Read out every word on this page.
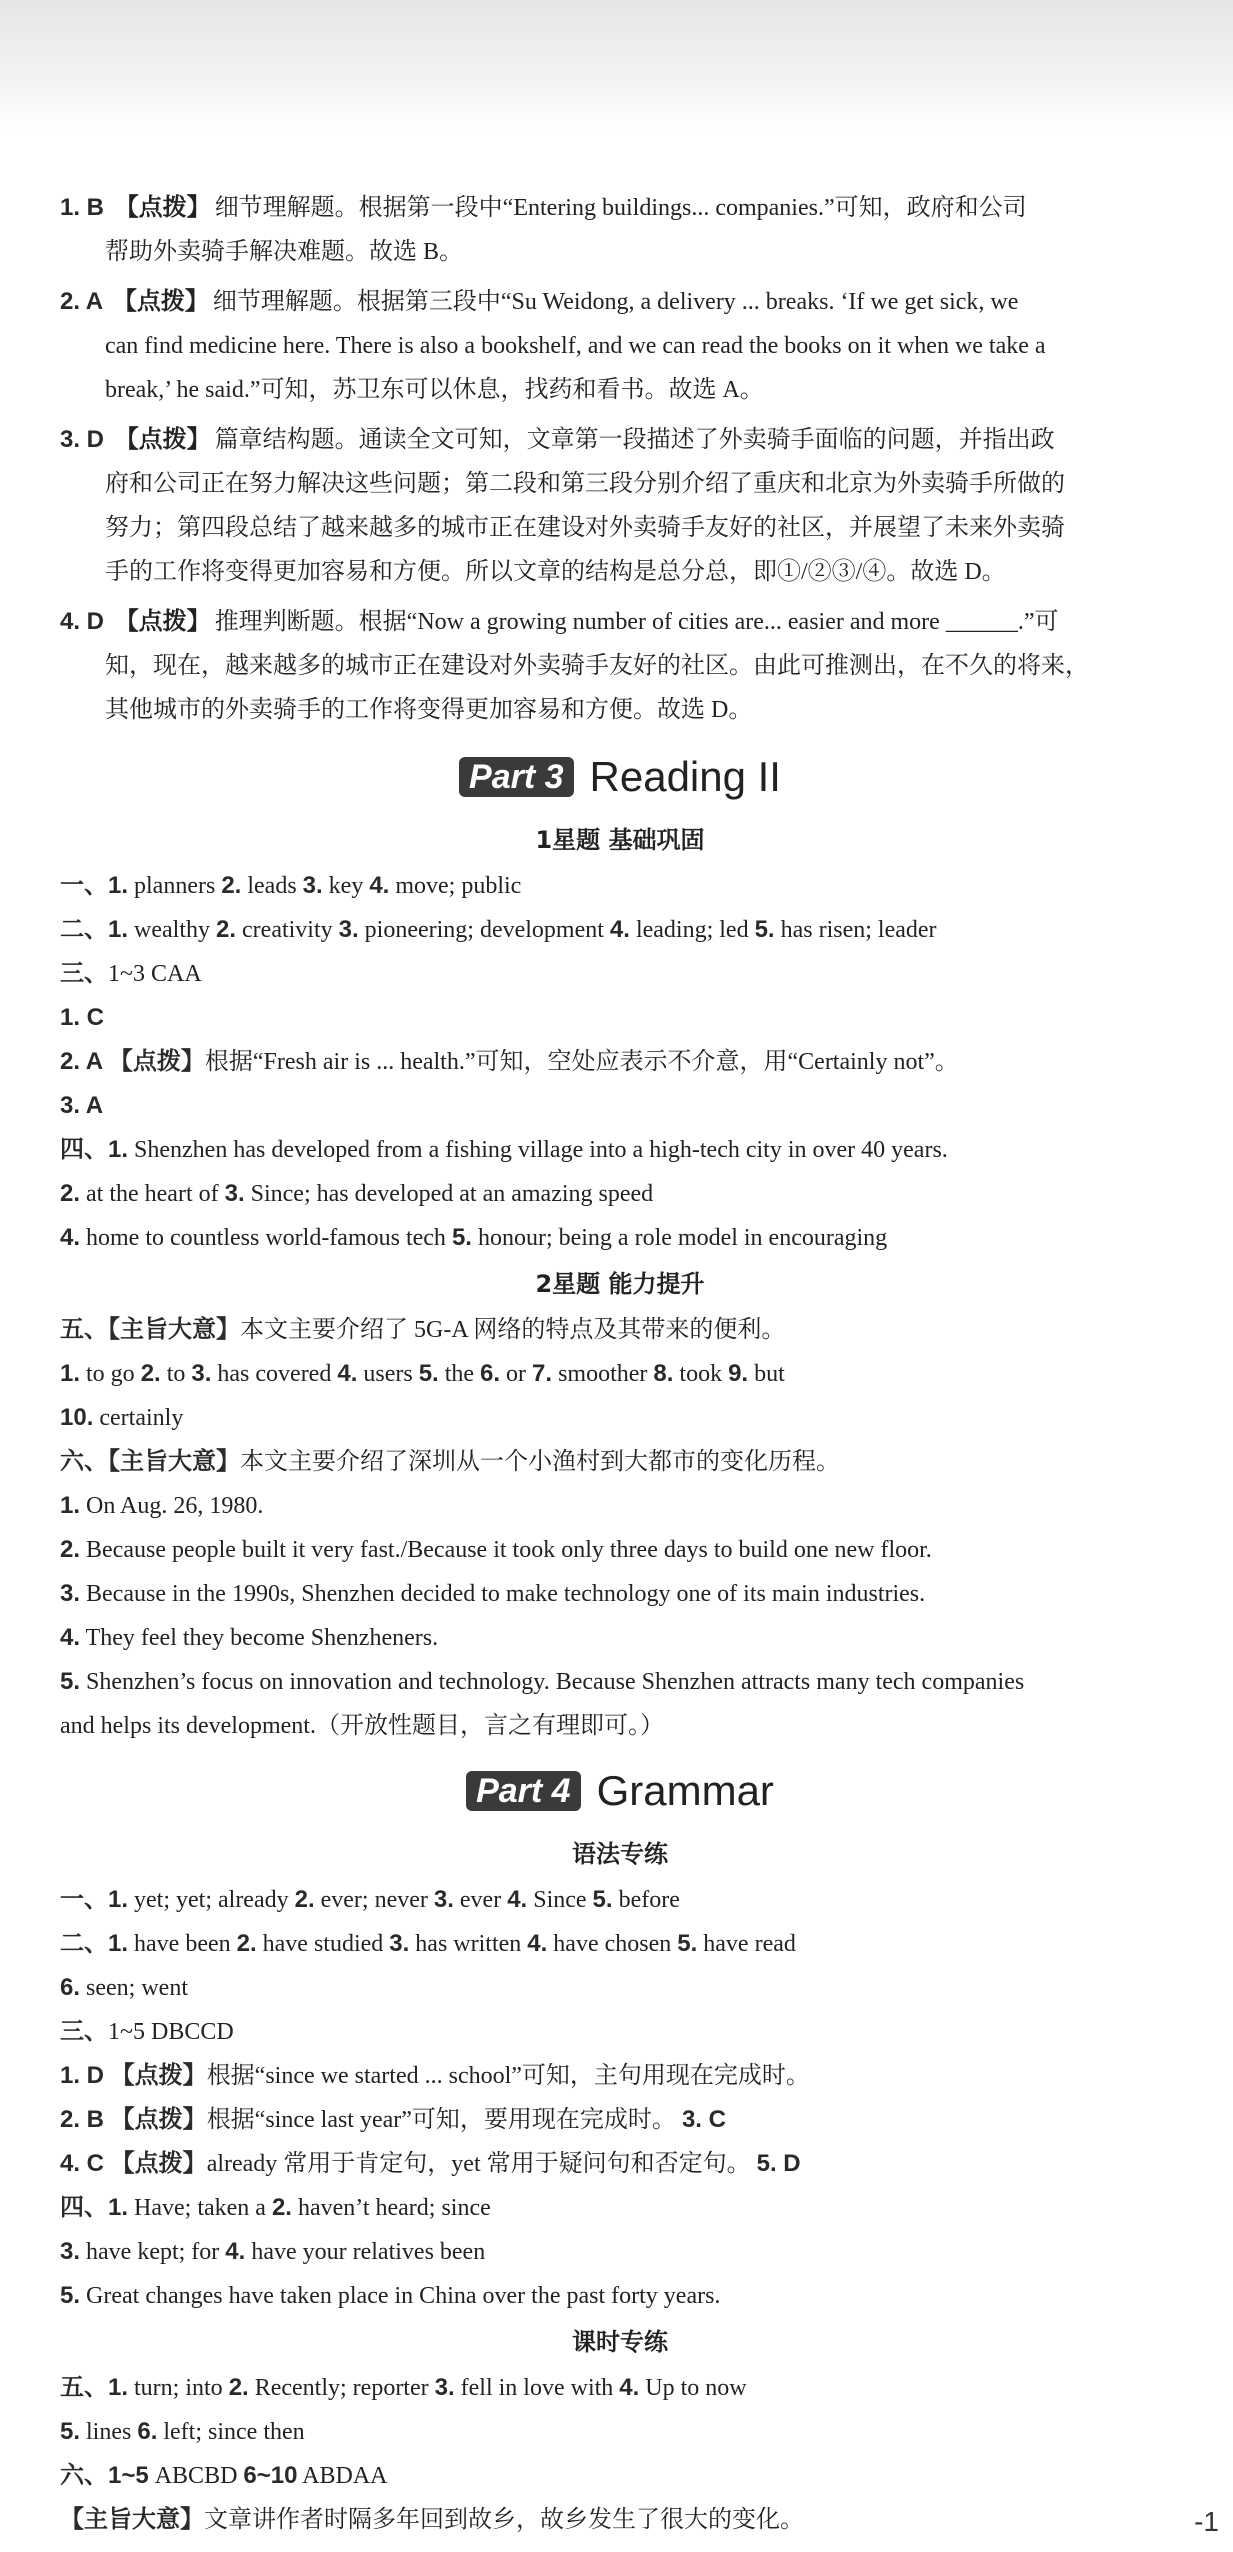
1. B 【点拨】 细节理解题。根据第一段中“Entering buildings... companies.”可知，政府和公司
帮助外卖骑手解决难题。故选 B。
2. A 【点拨】 细节理解题。根据第三段中“Su Weidong, a delivery ... breaks. ‘If we get sick, we
can find medicine here. There is also a bookshelf, and we can read the books on it when we take a
break,’ he said.”可知，苏卫东可以休息，找药和看书。故选 A。
3. D 【点拨】 篇章结构题。通读全文可知，文章第一段描述了外卖骑手面临的问题，并指出政
府和公司正在努力解决这些问题；第二段和第三段分别介绍了重庆和北京为外卖骑手所做的
努力；第四段总结了越来越多的城市正在建设对外卖骑手友好的社区，并展望了未来外卖骑
手的工作将变得更加容易和方便。所以文章的结构是总分总，即①/②③/④。故选 D。
4. D 【点拨】 推理判断题。根据“Now a growing number of cities are... easier and more ______.”可
知，现在，越来越多的城市正在建设对外卖骑手友好的社区。由此可推测出，在不久的将来，
其他城市的外卖骑手的工作将变得更加容易和方便。故选 D。
Part 3 Reading II
1星题 基础巩固
一、1. planners 2. leads 3. key 4. move; public
二、1. wealthy 2. creativity 3. pioneering; development 4. leading; led 5. has risen; leader
三、1~3 CAA
1. C
2. A 【点拨】根据“Fresh air is ... health.”可知，空处应表示不介意，用“Certainly not”。
3. A
四、1. Shenzhen has developed from a fishing village into a high-tech city in over 40 years.
2. at the heart of 3. Since; has developed at an amazing speed
4. home to countless world-famous tech 5. honour; being a role model in encouraging
2星题 能力提升
五、【主旨大意】本文主要介绍了 5G-A 网络的特点及其带来的便利。
1. to go 2. to 3. has covered 4. users 5. the 6. or 7. smoother 8. took 9. but
10. certainly
六、【主旨大意】本文主要介绍了深圳从一个小渔村到大都市的变化历程。
1. On Aug. 26, 1980.
2. Because people built it very fast./Because it took only three days to build one new floor.
3. Because in the 1990s, Shenzhen decided to make technology one of its main industries.
4. They feel they become Shenzheners.
5. Shenzhen’s focus on innovation and technology. Because Shenzhen attracts many tech companies
and helps its development.（开放性题目，言之有理即可。）
Part 4 Grammar
语法专练
一、1. yet; yet; already 2. ever; never 3. ever 4. Since 5. before
二、1. have been 2. have studied 3. has written 4. have chosen 5. have read
6. seen; went
三、1~5 DBCCD
1. D 【点拨】根据“since we started ... school”可知，主句用现在完成时。
2. B 【点拨】根据“since last year”可知，要用现在完成时。 3. C
4. C 【点拨】already 常用于肯定句，yet 常用于疑问句和否定句。 5. D
四、1. Have; taken a 2. haven’t heard; since
3. have kept; for 4. have your relatives been
5. Great changes have taken place in China over the past forty years.
课时专练
五、1. turn; into 2. Recently; reporter 3. fell in love with 4. Up to now
5. lines 6. left; since then
六、1~5 ABCBD 6~10 ABDAA
【主旨大意】文章讲作者时隔多年回到故乡，故乡发生了很大的变化。	-1
